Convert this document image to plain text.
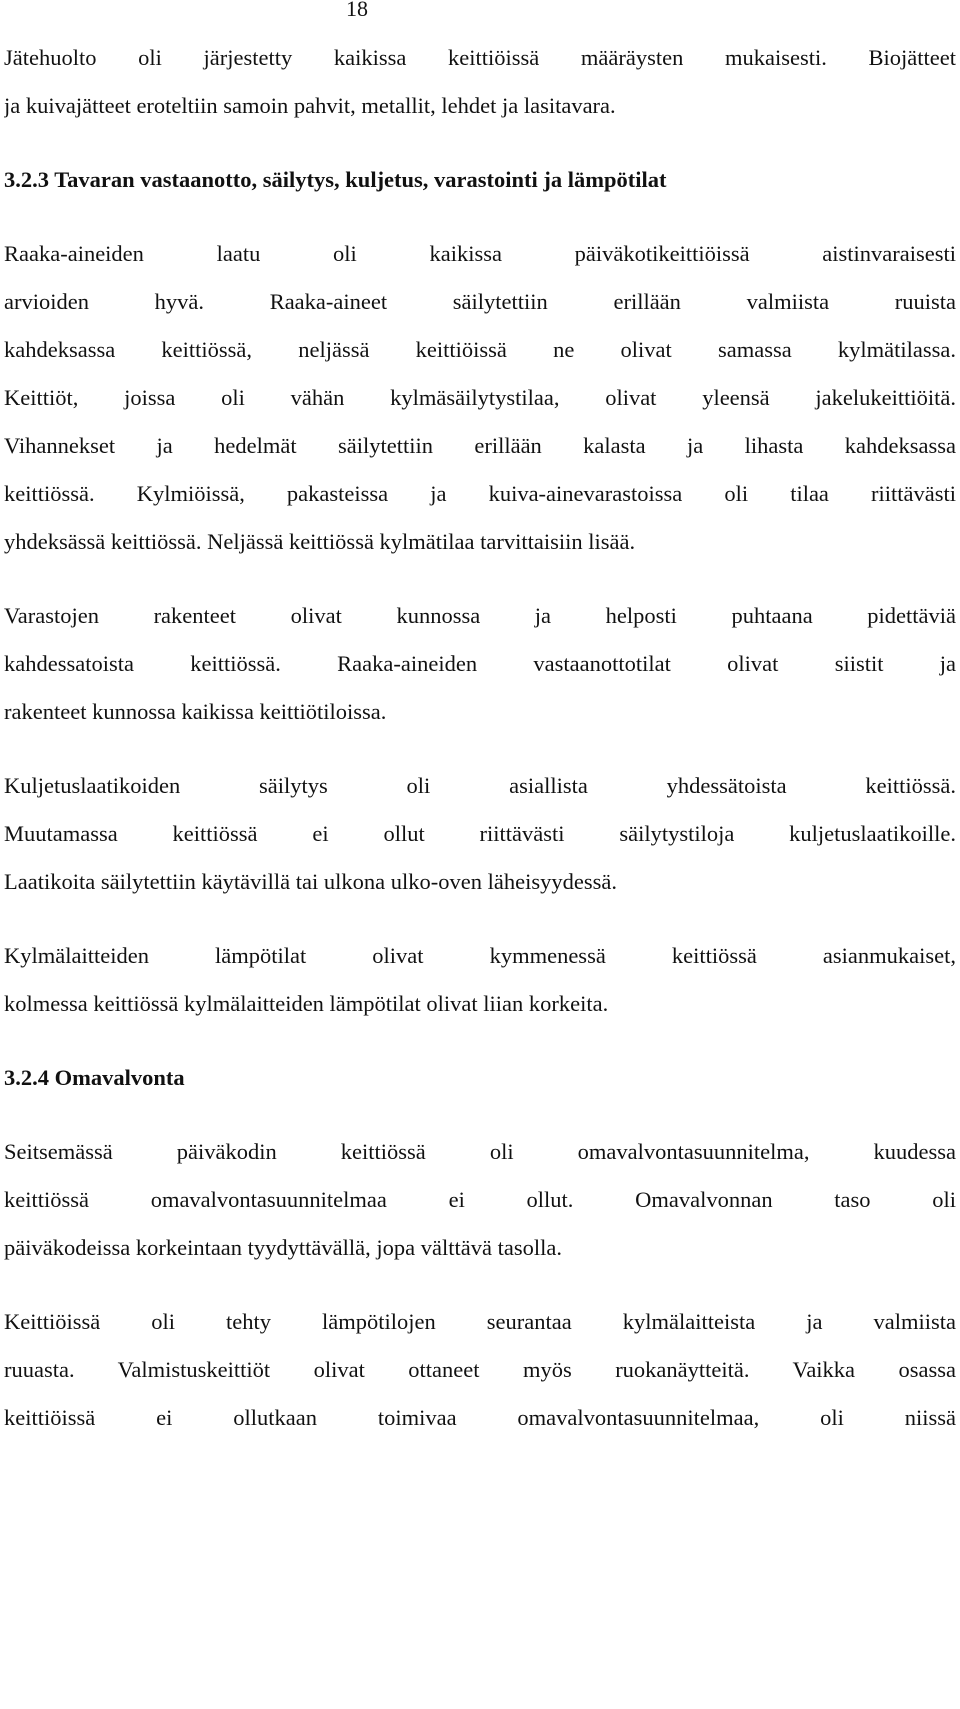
18
Jätehuolto oli järjestetty kaikissa keittiöissä määräysten mukaisesti. Biojätteet
ja kuivajätteet eroteltiin samoin pahvit, metallit, lehdet ja lasitavara.
3.2.3 Tavaran vastaanotto, säilytys, kuljetus, varastointi ja lämpötilat
Raaka-aineiden laatu oli kaikissa päiväkotikeittiöissä aistinvaraisesti
arvioiden hyvä. Raaka-aineet säilytettiin erillään valmiista ruuista
kahdeksassa keittiössä, neljässä keittiöissä ne olivat samassa kylmätilassa.
Keittiöt, joissa oli vähän kylmäsäilytystilaa, olivat yleensä jakelukeittiöitä.
Vihannekset ja hedelmät säilytettiin erillään kalasta ja lihasta kahdeksassa
keittiössä. Kylmiöissä, pakasteissa ja kuiva-ainevarastoissa oli tilaa riittävästi
yhdeksässä keittiössä. Neljässä keittiössä kylmätilaa tarvittaisiin lisää.
Varastojen rakenteet olivat kunnossa ja helposti puhtaana pidettäviä
kahdessatoista keittiössä. Raaka-aineiden vastaanottotilat olivat siistit ja
rakenteet kunnossa kaikissa keittiötiloissa.
Kuljetuslaatikoiden säilytys oli asiallista yhdessätoista keittiössä.
Muutamassa keittiössä ei ollut riittävästi säilytystiloja kuljetuslaatikoille.
Laatikoita säilytettiin käytävillä tai ulkona ulko-oven läheisyydessä.
Kylmälaitteiden lämpötilat olivat kymmenessä keittiössä asianmukaiset,
kolmessa keittiössä kylmälaitteiden lämpötilat olivat liian korkeita.
3.2.4 Omavalvonta
Seitsemässä päiväkodin keittiössä oli omavalvontasuunnitelma, kuudessa
keittiössä omavalvontasuunnitelmaa ei ollut. Omavalvonnan taso oli
päiväkodeissa korkeintaan tyydyttävällä, jopa välttävä tasolla.
Keittiöissä oli tehty lämpötilojen seurantaa kylmälaitteista ja valmiista
ruuasta. Valmistuskeittiöt olivat ottaneet myös ruokanäytteitä. Vaikka osassa
keittiöissä ei ollutkaan toimivaa omavalvontasuunnitelmaa, oli niissä
